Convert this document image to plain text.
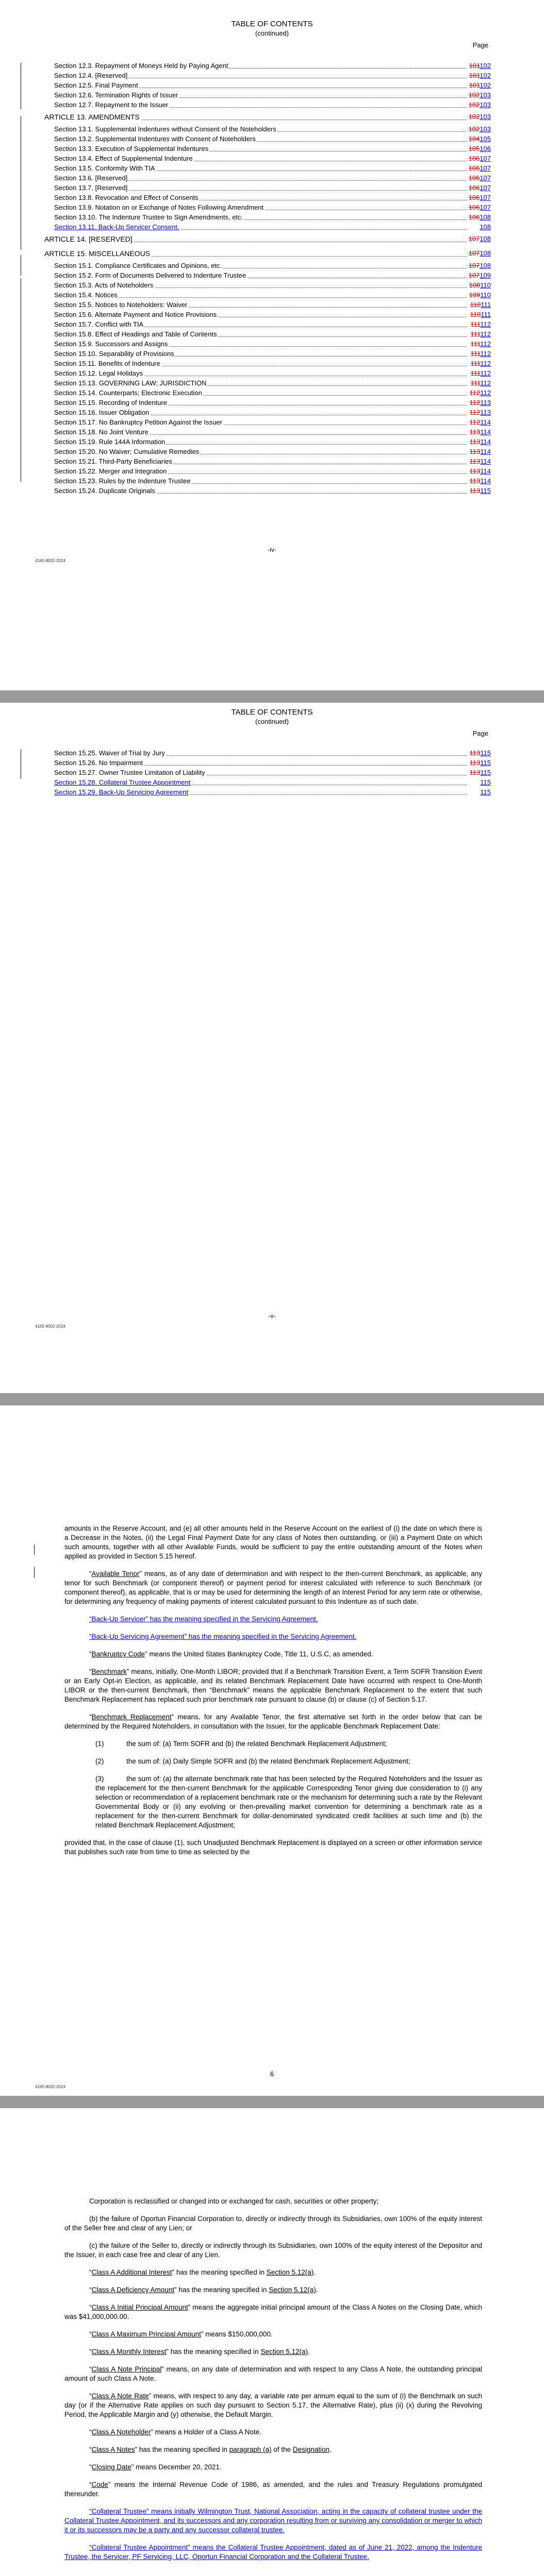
TABLE OF CONTENTS
(continued)
Page
Section 12.3. Repayment of Moneys Held by Paying Agent	101102
Section 12.4. [Reserved]	101102
Section 12.5. Final Payment	101102
Section 12.6. Termination Rights of Issuer	102103
Section 12.7. Repayment to the Issuer	102103
ARTICLE 13. AMENDMENTS	102103
Section 13.1. Supplemental Indentures without Consent of the Noteholders	102103
Section 13.2. Supplemental Indentures with Consent of Noteholders	104105
Section 13.3. Execution of Supplemental Indentures	105106
Section 13.4. Effect of Supplemental Indenture	106107
Section 13.5. Conformity With TIA	106107
Section 13.6. [Reserved]	106107
Section 13.7. [Reserved]	106107
Section 13.8. Revocation and Effect of Consents	106107
Section 13.9. Notation on or Exchange of Notes Following Amendment	106107
Section 13.10. The Indenture Trustee to Sign Amendments, etc.	106108
Section 13.11. Back-Up Servicer Consent.	108
ARTICLE 14. [RESERVED]	107108
ARTICLE 15. MISCELLANEOUS	107108
Section 15.1. Compliance Certificates and Opinions, etc.	107108
Section 15.2. Form of Documents Delivered to Indenture Trustee	107109
Section 15.3. Acts of Noteholders	108110
Section 15.4. Notices	109110
Section 15.5. Notices to Noteholders: Waiver	110111
Section 15.6. Alternate Payment and Notice Provisions	110111
Section 15.7. Conflict with TIA	111112
Section 15.8. Effect of Headings and Table of Contents	111112
Section 15.9. Successors and Assigns	111112
Section 15.10. Separability of Provisions	111112
Section 15.11. Benefits of Indenture	111112
Section 15.12. Legal Holidays	111112
Section 15.13. GOVERNING LAW; JURISDICTION	111112
Section 15.14. Counterparts; Electronic Execution	112112
Section 15.15. Recording of Indenture	112113
Section 15.16. Issuer Obligation	112113
Section 15.17. No Bankruptcy Petition Against the Issuer	112114
Section 15.18. No Joint Venture	113114
Section 15.19. Rule 144A Information	113114
Section 15.20. No Waiver; Cumulative Remedies	113114
Section 15.21. Third-Party Beneficiaries	113114
Section 15.22. Merger and Integration	113114
Section 15.23. Rules by the Indenture Trustee	113114
Section 15.24. Duplicate Originals	113115
-iv-
4165-8002-2024
TABLE OF CONTENTS
(continued)
Page
Section 15.25. Waiver of Trial by Jury	113115
Section 15.26. No Impairment	113115
Section 15.27. Owner Trustee Limitation of Liability	113115
Section 15.28. Collateral Trustee Appointment	115
Section 15.29. Back-Up Servicing Agreement	115
-v-
4165-8002-2024

amounts in the Reserve Account, and (e) all other amounts held in the Reserve Account on the earliest of (i) the date on which there is a Decrease in the Notes, (ii) the Legal Final Payment Date for any class of Notes then outstanding, or (iii) a Payment Date on which such amounts, together with all other Available Funds, would be sufficient to pay the entire outstanding amount of the Notes when applied as provided in Section 5.15 hereof.

“Available Tenor” means, as of any date of determination and with respect to the then-current Benchmark, as applicable, any tenor for such Benchmark (or component thereof) or payment period for interest calculated with reference to such Benchmark (or component thereof), as applicable, that is or may be used for determining the length of an Interest Period for any term rate or otherwise, for determining any frequency of making payments of interest calculated pursuant to this Indenture as of such date.

“Back-Up Servicer” has the meaning specified in the Servicing Agreement.

“Back-Up Servicing Agreement” has the meaning specified in the Servicing Agreement.

“Bankruptcy Code” means the United States Bankruptcy Code, Title 11, U.S.C, as amended.

“Benchmark” means, initially, One-Month LIBOR; provided that if a Benchmark Transition Event, a Term SOFR Transition Event or an Early Opt-in Election, as applicable, and its related Benchmark Replacement Date have occurred with respect to One-Month LIBOR or the then-current Benchmark, then “Benchmark” means the applicable Benchmark Replacement to the extent that such Benchmark Replacement has replaced such prior benchmark rate pursuant to clause (b) or clause (c) of Section 5.17.

“Benchmark Replacement” means, for any Available Tenor, the first alternative set forth in the order below that can be determined by the Required Noteholders, in consultation with the Issuer, for the applicable Benchmark Replacement Date:

(1)	the sum of: (a) Term SOFR and (b) the related Benchmark Replacement Adjustment;

(2)	the sum of: (a) Daily Simple SOFR and (b) the related Benchmark Replacement Adjustment;

(3)	the sum of: (a) the alternate benchmark rate that has been selected by the Required Noteholders and the Issuer as the replacement for the then-current Benchmark for the applicable Corresponding Tenor giving due consideration to (i) any selection or recommendation of a replacement benchmark rate or the mechanism for determining such a rate by the Relevant Governmental Body or (ii) any evolving or then-prevailing market convention for determining a benchmark rate as a replacement for the then-current Benchmark for dollar-denominated syndicated credit facilities at such time and (b) the related Benchmark Replacement Adjustment;

provided that, in the case of clause (1), such Unadjusted Benchmark Replacement is displayed on a screen or other information service that publishes such rate from time to time as selected by the

6
4165-8002-2024

Corporation is reclassified or changed into or exchanged for cash, securities or other property;

(b) the failure of Oportun Financial Corporation to, directly or indirectly through its Subsidiaries, own 100% of the equity interest of the Seller free and clear of any Lien; or

(c) the failure of the Seller to, directly or indirectly through its Subsidiaries, own 100% of the equity interest of the Depositor and the Issuer, in each case free and clear of any Lien.

“Class A Additional Interest” has the meaning specified in Section 5.12(a).

“Class A Deficiency Amount” has the meaning specified in Section 5.12(a).

“Class A Initial Principal Amount” means the aggregate initial principal amount of the Class A Notes on the Closing Date, which was $41,000,000.00.

“Class A Maximum Principal Amount” means $150,000,000.

“Class A Monthly Interest” has the meaning specified in Section 5.12(a).

“Class A Note Principal” means, on any date of determination and with respect to any Class A Note, the outstanding principal amount of such Class A Note.

“Class A Note Rate” means, with respect to any day, a variable rate per annum equal to the sum of (i) the Benchmark on such day (or if the Alternative Rate applies on such day pursuant to Section 5.17, the Alternative Rate), plus (ii) (x) during the Revolving Period, the Applicable Margin and (y) otherwise, the Default Margin.

“Class A Noteholder” means a Holder of a Class A Note.

“Class A Notes” has the meaning specified in paragraph (a) of the Designation.

“Closing Date” means December 20, 2021.

“Code” means the Internal Revenue Code of 1986, as amended, and the rules and Treasury Regulations promulgated thereunder.

“Collateral Trustee” means initially Wilmington Trust, National Association, acting in the capacity of collateral trustee under the Collateral Trustee Appointment, and its successors and any corporation resulting from or surviving any consolidation or merger to which it or its successors may be a party and any successor collateral trustee.

“Collateral Trustee Appointment” means the Collateral Trustee Appointment, dated as of June 21, 2022, among the Indenture Trustee, the Servicer, PF Servicing, LLC, Oportun Financial Corporation and the Collateral Trustee.
